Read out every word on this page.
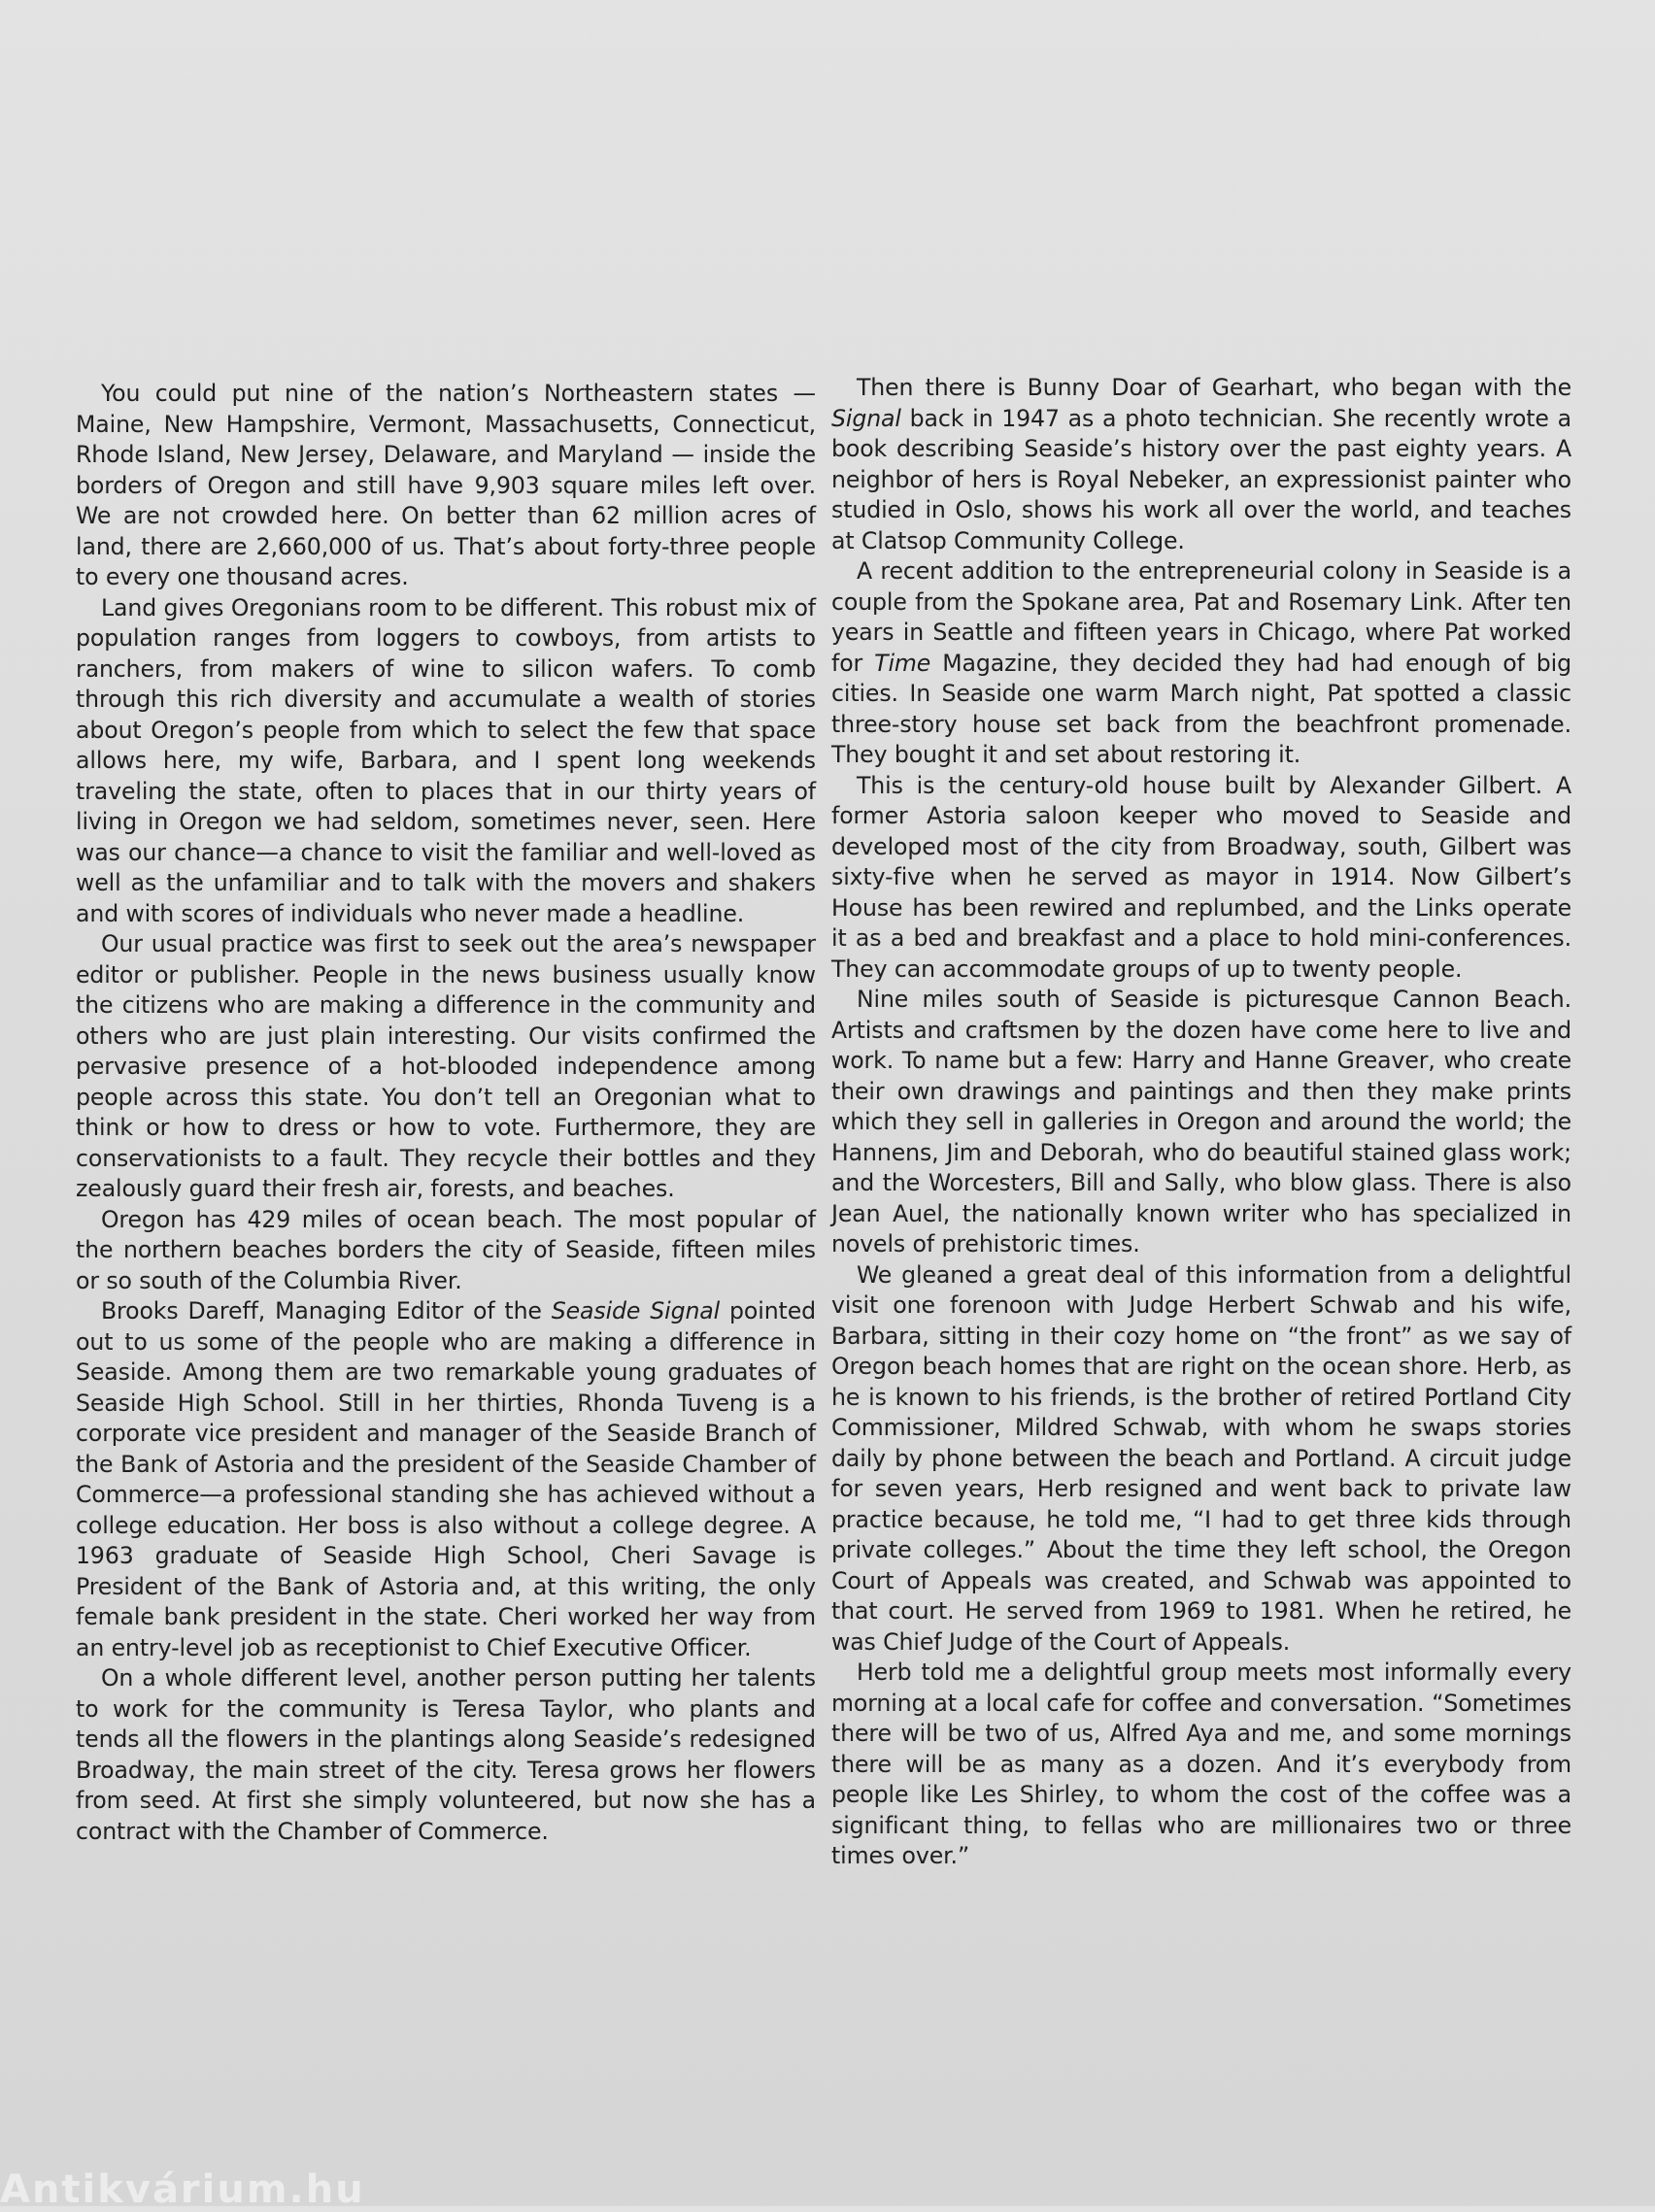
You could put nine of the nation’s Northeastern states — Maine, New Hampshire, Vermont, Massachusetts, Connecticut, Rhode Island, New Jersey, Delaware, and Maryland — inside the borders of Oregon and still have 9,903 square miles left over. We are not crowded here. On better than 62 million acres of land, there are 2,660,000 of us. That’s about forty-three people to every one thousand acres.

Land gives Oregonians room to be different. This robust mix of population ranges from loggers to cowboys, from artists to ranchers, from makers of wine to silicon wafers. To comb through this rich diversity and accumulate a wealth of stories about Oregon’s people from which to select the few that space allows here, my wife, Barbara, and I spent long weekends traveling the state, often to places that in our thirty years of living in Oregon we had seldom, sometimes never, seen. Here was our chance—a chance to visit the familiar and well-loved as well as the unfamiliar and to talk with the movers and shakers and with scores of individuals who never made a headline.

Our usual practice was first to seek out the area’s newspaper editor or publisher. People in the news business usually know the citizens who are making a difference in the community and others who are just plain interesting. Our visits confirmed the pervasive presence of a hot-blooded independence among people across this state. You don’t tell an Oregonian what to think or how to dress or how to vote. Furthermore, they are conservationists to a fault. They recycle their bottles and they zealously guard their fresh air, forests, and beaches.

Oregon has 429 miles of ocean beach. The most popular of the northern beaches borders the city of Seaside, fifteen miles or so south of the Columbia River.

Brooks Dareff, Managing Editor of the Seaside Signal pointed out to us some of the people who are making a difference in Seaside. Among them are two remarkable young graduates of Seaside High School. Still in her thirties, Rhonda Tuveng is a corporate vice president and manager of the Seaside Branch of the Bank of Astoria and the president of the Seaside Chamber of Commerce—a professional standing she has achieved without a college education. Her boss is also without a college degree. A 1963 graduate of Seaside High School, Cheri Savage is President of the Bank of Astoria and, at this writing, the only female bank president in the state. Cheri worked her way from an entry-level job as receptionist to Chief Executive Officer.

On a whole different level, another person putting her talents to work for the community is Teresa Taylor, who plants and tends all the flowers in the plantings along Seaside’s redesigned Broadway, the main street of the city. Teresa grows her flowers from seed. At first she simply volunteered, but now she has a contract with the Chamber of Commerce.

Then there is Bunny Doar of Gearhart, who began with the Signal back in 1947 as a photo technician. She recently wrote a book describing Seaside’s history over the past eighty years. A neighbor of hers is Royal Nebeker, an expressionist painter who studied in Oslo, shows his work all over the world, and teaches at Clatsop Community College.

A recent addition to the entrepreneurial colony in Seaside is a couple from the Spokane area, Pat and Rosemary Link. After ten years in Seattle and fifteen years in Chicago, where Pat worked for Time Magazine, they decided they had had enough of big cities. In Seaside one warm March night, Pat spotted a classic three-story house set back from the beachfront promenade. They bought it and set about restoring it.

This is the century-old house built by Alexander Gilbert. A former Astoria saloon keeper who moved to Seaside and developed most of the city from Broadway, south, Gilbert was sixty-five when he served as mayor in 1914. Now Gilbert’s House has been rewired and replumbed, and the Links operate it as a bed and breakfast and a place to hold mini-conferences. They can accommodate groups of up to twenty people.

Nine miles south of Seaside is picturesque Cannon Beach. Artists and craftsmen by the dozen have come here to live and work. To name but a few: Harry and Hanne Greaver, who create their own drawings and paintings and then they make prints which they sell in galleries in Oregon and around the world; the Hannens, Jim and Deborah, who do beautiful stained glass work; and the Worcesters, Bill and Sally, who blow glass. There is also Jean Auel, the nationally known writer who has specialized in novels of prehistoric times.

We gleaned a great deal of this information from a delightful visit one forenoon with Judge Herbert Schwab and his wife, Barbara, sitting in their cozy home on “the front” as we say of Oregon beach homes that are right on the ocean shore. Herb, as he is known to his friends, is the brother of retired Portland City Commissioner, Mildred Schwab, with whom he swaps stories daily by phone between the beach and Portland. A circuit judge for seven years, Herb resigned and went back to private law practice because, he told me, “I had to get three kids through private colleges.” About the time they left school, the Oregon Court of Appeals was created, and Schwab was appointed to that court. He served from 1969 to 1981. When he retired, he was Chief Judge of the Court of Appeals.

Herb told me a delightful group meets most informally every morning at a local cafe for coffee and conversation. “Sometimes there will be two of us, Alfred Aya and me, and some mornings there will be as many as a dozen. And it’s everybody from people like Les Shirley, to whom the cost of the coffee was a significant thing, to fellas who are millionaires two or three times over.”

Antikvárium.hu
